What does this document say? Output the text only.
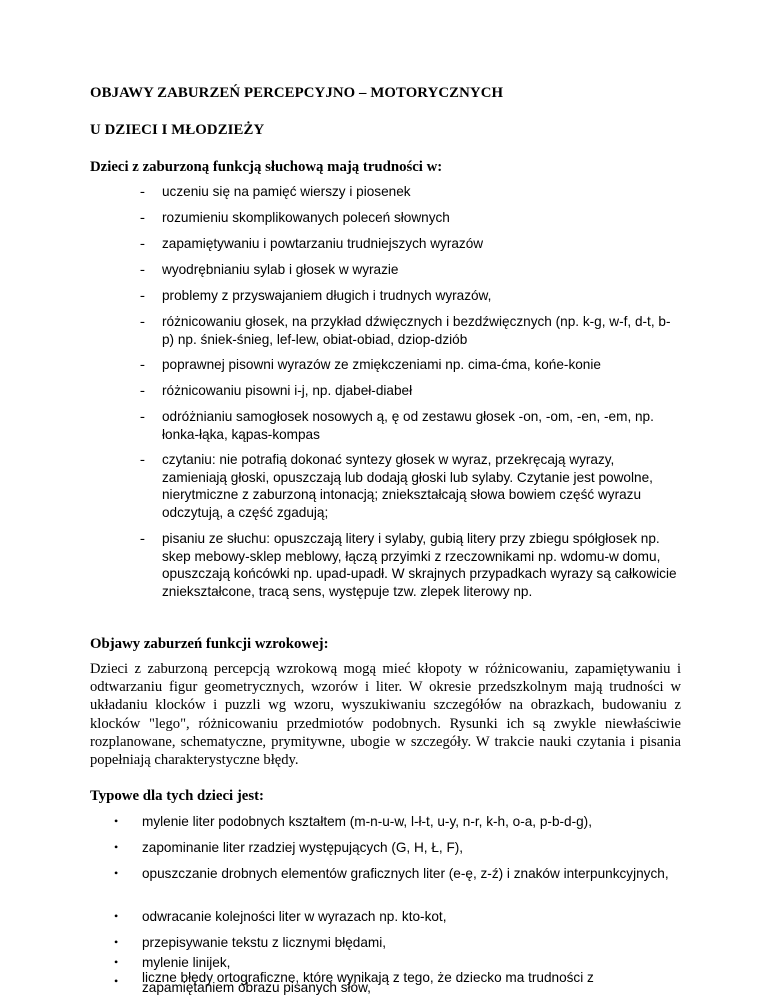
OBJAWY ZABURZEŃ PERCEPCYJNO – MOTORYCZNYCH
U DZIECI I MŁODZIEŻY
Dzieci z zaburzoną funkcją słuchową mają trudności w:
- uczeniu się na pamięć wierszy i piosenek
- rozumieniu skomplikowanych poleceń słownych
- zapamiętywaniu i powtarzaniu trudniejszych wyrazów
- wyodrębnianiu sylab i głosek w wyrazie
- problemy z przyswajaniem długich i trudnych wyrazów,
- różnicowaniu głosek, na przykład dźwięcznych i bezdźwięcznych (np. k-g, w-f, d-t, b-p) np. śniek-śnieg, lef-lew, obiat-obiad, dziop-dziób
- poprawnej pisowni wyrazów ze zmiękczeniami np. cima-ćma, końe-konie
- różnicowaniu pisowni i-j, np. djabeł-diabeł
- odróżnianiu samogłosek nosowych ą, ę od zestawu głosek -on, -om, -en, -em, np. łonka-łąka, kąpas-kompas
- czytaniu: nie potrafią dokonać syntezy głosek w wyraz, przekręcają wyrazy, zamieniają głoski, opuszczają lub dodają głoski lub sylaby. Czytanie jest powolne, nierytmiczne z zaburzoną intonacją; zniekształcają słowa bowiem część wyrazu odczytują, a część zgadują;
- pisaniu ze słuchu: opuszczają litery i sylaby, gubią litery przy zbiegu spółgłosek np. skep mebowy-sklep meblowy, łączą przyimki z rzeczownikami np. wdomu-w domu, opuszczają końcówki np. upad-upadł. W skrajnych przypadkach wyrazy są całkowicie zniekształcone, tracą sens, występuje tzw. zlepek literowy np.
Objawy zaburzeń funkcji wzrokowej:
Dzieci z zaburzoną percepcją wzrokową mogą mieć kłopoty w różnicowaniu, zapamiętywaniu i odtwarzaniu figur geometrycznych, wzorów i liter. W okresie przedszkolnym mają trudności w układaniu klocków i puzzli wg wzoru, wyszukiwaniu szczegółów na obrazkach, budowaniu z klocków "lego", różnicowaniu przedmiotów podobnych. Rysunki ich są zwykle niewłaściwie rozplanowane, schematyczne, prymitywne, ubogie w szczegóły. W trakcie nauki czytania i pisania popełniają charakterystyczne błędy.
Typowe dla tych dzieci jest:
• mylenie liter podobnych kształtem (m-n-u-w, l-ł-t, u-y, n-r, k-h, o-a, p-b-d-g),
• zapominanie liter rzadziej występujących (G, H, Ł, F),
•	opuszczanie drobnych elementów graficznych liter (e-ę, z-ź) i znaków interpunkcyjnych,
• odwracanie kolejności liter w wyrazach np. kto-kot,
• przepisywanie tekstu z licznymi błędami,
• mylenie linijek,
• liczne błędy ortograficzne, które wynikają z tego, że dziecko ma trudności z zapamiętaniem obrazu pisanych słów,
